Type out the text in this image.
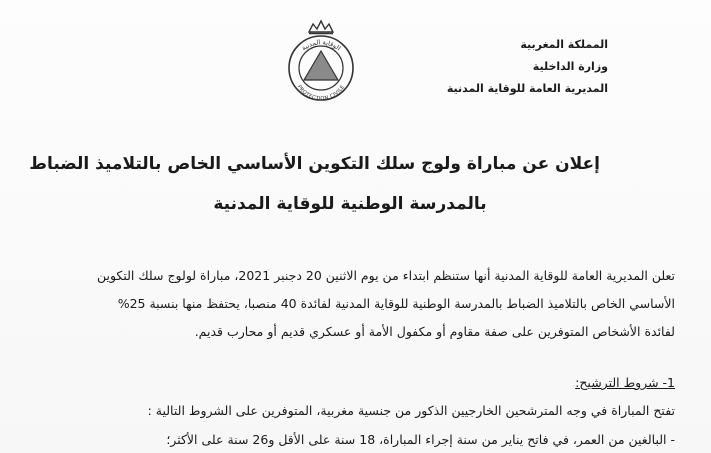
الوقاية المدنية
PROTECTION CIVILE
المملكة المغربية
وزارة الداخلية
المديرية العامة للوقاية المدنية
إعلان عن مباراة ولوج سلك التكوين الأساسي الخاص بالتلاميذ الضباط
بالمدرسة الوطنية للوقاية المدنية
تعلن المديرية العامة للوقاية المدنية أنها ستنظم ابتداء من يوم الاثنين 20 دجنبر 2021، مباراة لولوج سلك التكوين
الأساسي الخاص بالتلاميذ الضباط بالمدرسة الوطنية للوقاية المدنية لفائدة 40 منصبا، يحتفظ منها بنسبة 25%
لفائدة الأشخاص المتوفرين على صفة مقاوم أو مكفول الأمة أو عسكري قديم أو محارب قديم.
1- شروط الترشيح:
تفتح المباراة في وجه المترشحين الخارجيين الذكور من جنسية مغربية، المتوفرين على الشروط التالية :
- البالغين من العمر، في فاتح يناير من سنة إجراء المباراة، 18 سنة على الأقل و26 سنة على الأكثر؛
